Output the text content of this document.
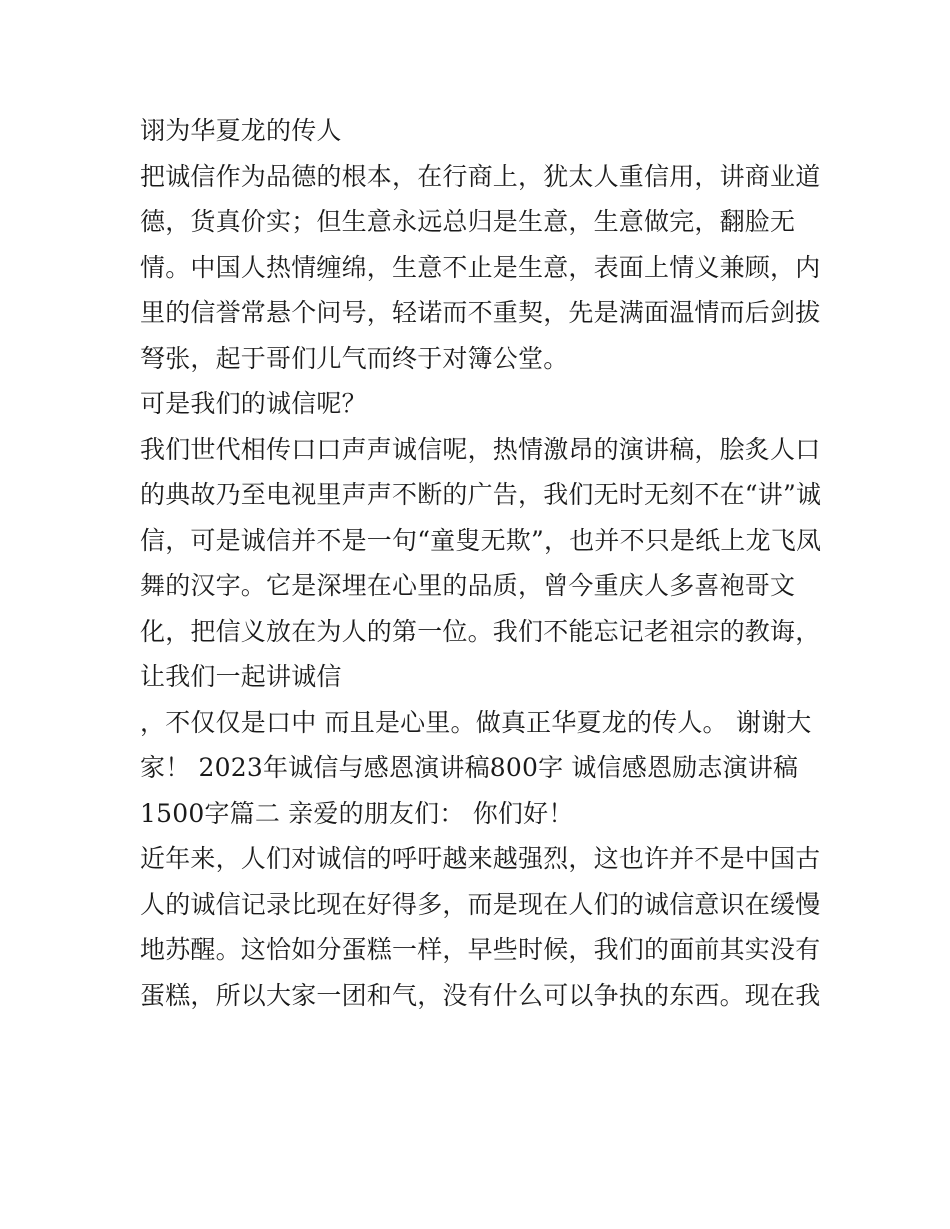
诩为华夏龙的传人
把诚信作为品德的根本，在行商上，犹太人重信用，讲商业道
德，货真价实；但生意永远总归是生意，生意做完，翻脸无
情。中国人热情缠绵，生意不止是生意，表面上情义兼顾，内
里的信誉常悬个问号，轻诺而不重契，先是满面温情而后剑拔
弩张，起于哥们儿气而终于对簿公堂。
可是我们的诚信呢？
我们世代相传口口声声诚信呢，热情激昂的演讲稿，脍炙人口
的典故乃至电视里声声不断的广告，我们无时无刻不在“讲”诚
信，可是诚信并不是一句“童叟无欺”，也并不只是纸上龙飞凤
舞的汉字。它是深埋在心里的品质，曾今重庆人多喜袍哥文
化，把信义放在为人的第一位。我们不能忘记老祖宗的教诲，
让我们一起讲诚信
，不仅仅是口中 而且是心里。做真正华夏龙的传人。 谢谢大
家！ 2023年诚信与感恩演讲稿800字 诚信感恩励志演讲稿
1500字篇二 亲爱的朋友们： 你们好！
近年来，人们对诚信的呼吁越来越强烈，这也许并不是中国古
人的诚信记录比现在好得多，而是现在人们的诚信意识在缓慢
地苏醒。这恰如分蛋糕一样，早些时候，我们的面前其实没有
蛋糕，所以大家一团和气，没有什么可以争执的东西。现在我
